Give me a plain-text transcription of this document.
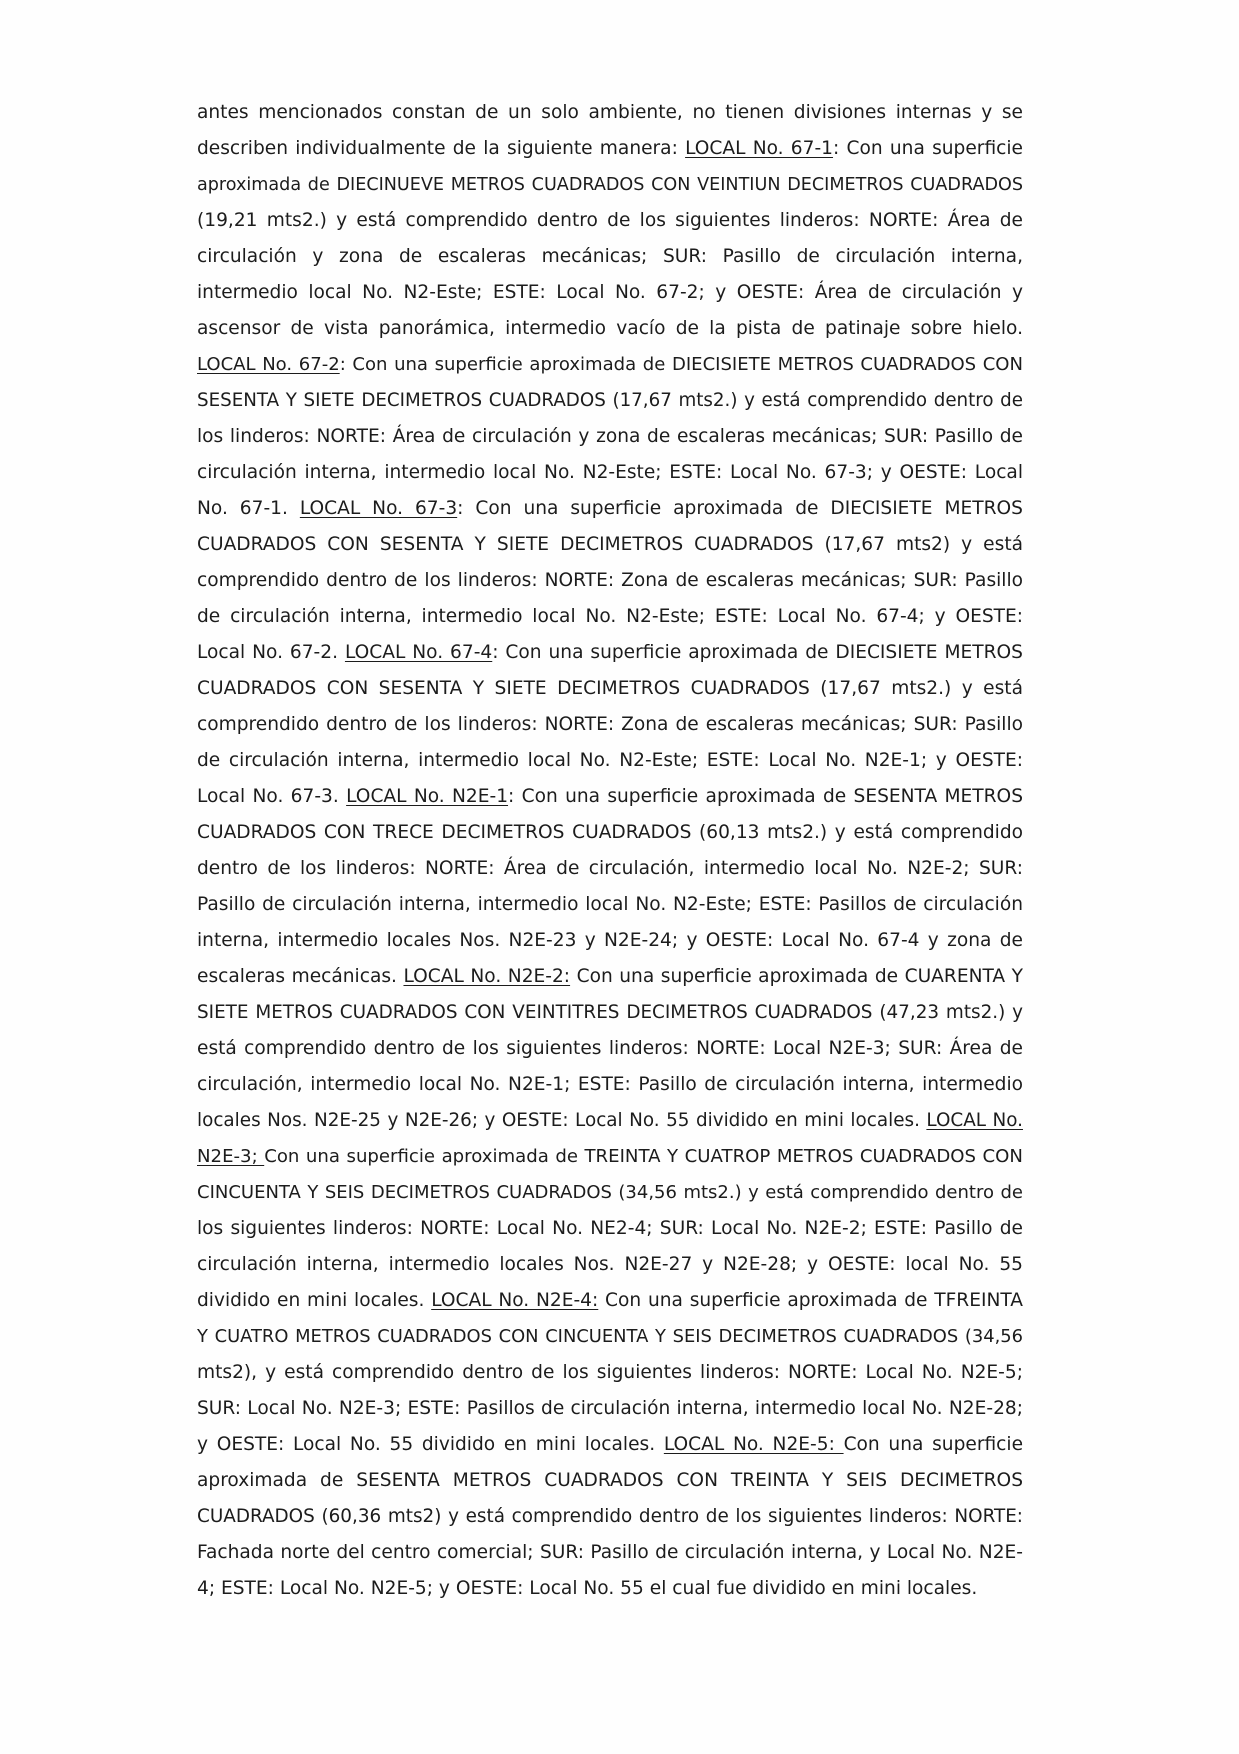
antes mencionados constan de un solo ambiente, no tienen divisiones internas y se
describen individualmente de la siguiente manera: LOCAL No. 67-1: Con una superficie
aproximada de DIECINUEVE METROS CUADRADOS CON VEINTIUN DECIMETROS CUADRADOS
(19,21 mts2.) y está comprendido dentro de los siguientes linderos: NORTE: Área de
circulación y zona de escaleras mecánicas; SUR: Pasillo de circulación interna,
intermedio local No. N2-Este; ESTE: Local No. 67-2; y OESTE: Área de circulación y
ascensor de vista panorámica, intermedio vacío de la pista de patinaje sobre hielo.
LOCAL No. 67-2: Con una superficie aproximada de DIECISIETE METROS CUADRADOS CON
SESENTA Y SIETE DECIMETROS CUADRADOS (17,67 mts2.) y está comprendido dentro de
los linderos: NORTE: Área de circulación y zona de escaleras mecánicas; SUR: Pasillo de
circulación interna, intermedio local No. N2-Este; ESTE: Local No. 67-3; y OESTE: Local
No. 67-1. LOCAL No. 67-3: Con una superficie aproximada de DIECISIETE METROS
CUADRADOS CON SESENTA Y SIETE DECIMETROS CUADRADOS (17,67 mts2) y está
comprendido dentro de los linderos: NORTE: Zona de escaleras mecánicas; SUR: Pasillo
de circulación interna, intermedio local No. N2-Este; ESTE: Local No. 67-4; y OESTE:
Local No. 67-2. LOCAL No. 67-4: Con una superficie aproximada de DIECISIETE METROS
CUADRADOS CON SESENTA Y SIETE DECIMETROS CUADRADOS (17,67 mts2.) y está
comprendido dentro de los linderos: NORTE: Zona de escaleras mecánicas; SUR: Pasillo
de circulación interna, intermedio local No. N2-Este; ESTE: Local No. N2E-1; y OESTE:
Local No. 67-3. LOCAL No. N2E-1: Con una superficie aproximada de SESENTA METROS
CUADRADOS CON TRECE DECIMETROS CUADRADOS (60,13 mts2.) y está comprendido
dentro de los linderos: NORTE: Área de circulación, intermedio local No. N2E-2; SUR:
Pasillo de circulación interna, intermedio local No. N2-Este; ESTE: Pasillos de circulación
interna, intermedio locales Nos. N2E-23 y N2E-24; y OESTE: Local No. 67-4 y zona de
escaleras mecánicas. LOCAL No. N2E-2: Con una superficie aproximada de CUARENTA Y
SIETE METROS CUADRADOS CON VEINTITRES DECIMETROS CUADRADOS (47,23 mts2.) y
está comprendido dentro de los siguientes linderos: NORTE: Local N2E-3; SUR: Área de
circulación, intermedio local No. N2E-1; ESTE: Pasillo de circulación interna, intermedio
locales Nos. N2E-25 y N2E-26; y OESTE: Local No. 55 dividido en mini locales. LOCAL No.
N2E-3; Con una superficie aproximada de TREINTA Y CUATROP METROS CUADRADOS CON
CINCUENTA Y SEIS DECIMETROS CUADRADOS (34,56 mts2.) y está comprendido dentro de
los siguientes linderos: NORTE: Local No. NE2-4; SUR: Local No. N2E-2; ESTE: Pasillo de
circulación interna, intermedio locales Nos. N2E-27 y N2E-28; y OESTE: local No. 55
dividido en mini locales. LOCAL No. N2E-4: Con una superficie aproximada de TFREINTA
Y CUATRO METROS CUADRADOS CON CINCUENTA Y SEIS DECIMETROS CUADRADOS (34,56
mts2), y está comprendido dentro de los siguientes linderos: NORTE: Local No. N2E-5;
SUR: Local No. N2E-3; ESTE: Pasillos de circulación interna, intermedio local No. N2E-28;
y OESTE: Local No. 55 dividido en mini locales. LOCAL No. N2E-5: Con una superficie
aproximada de SESENTA METROS CUADRADOS CON TREINTA Y SEIS DECIMETROS
CUADRADOS (60,36 mts2) y está comprendido dentro de los siguientes linderos: NORTE:
Fachada norte del centro comercial; SUR: Pasillo de circulación interna, y Local No. N2E-
4; ESTE: Local No. N2E-5; y OESTE: Local No. 55 el cual fue dividido en mini locales.
